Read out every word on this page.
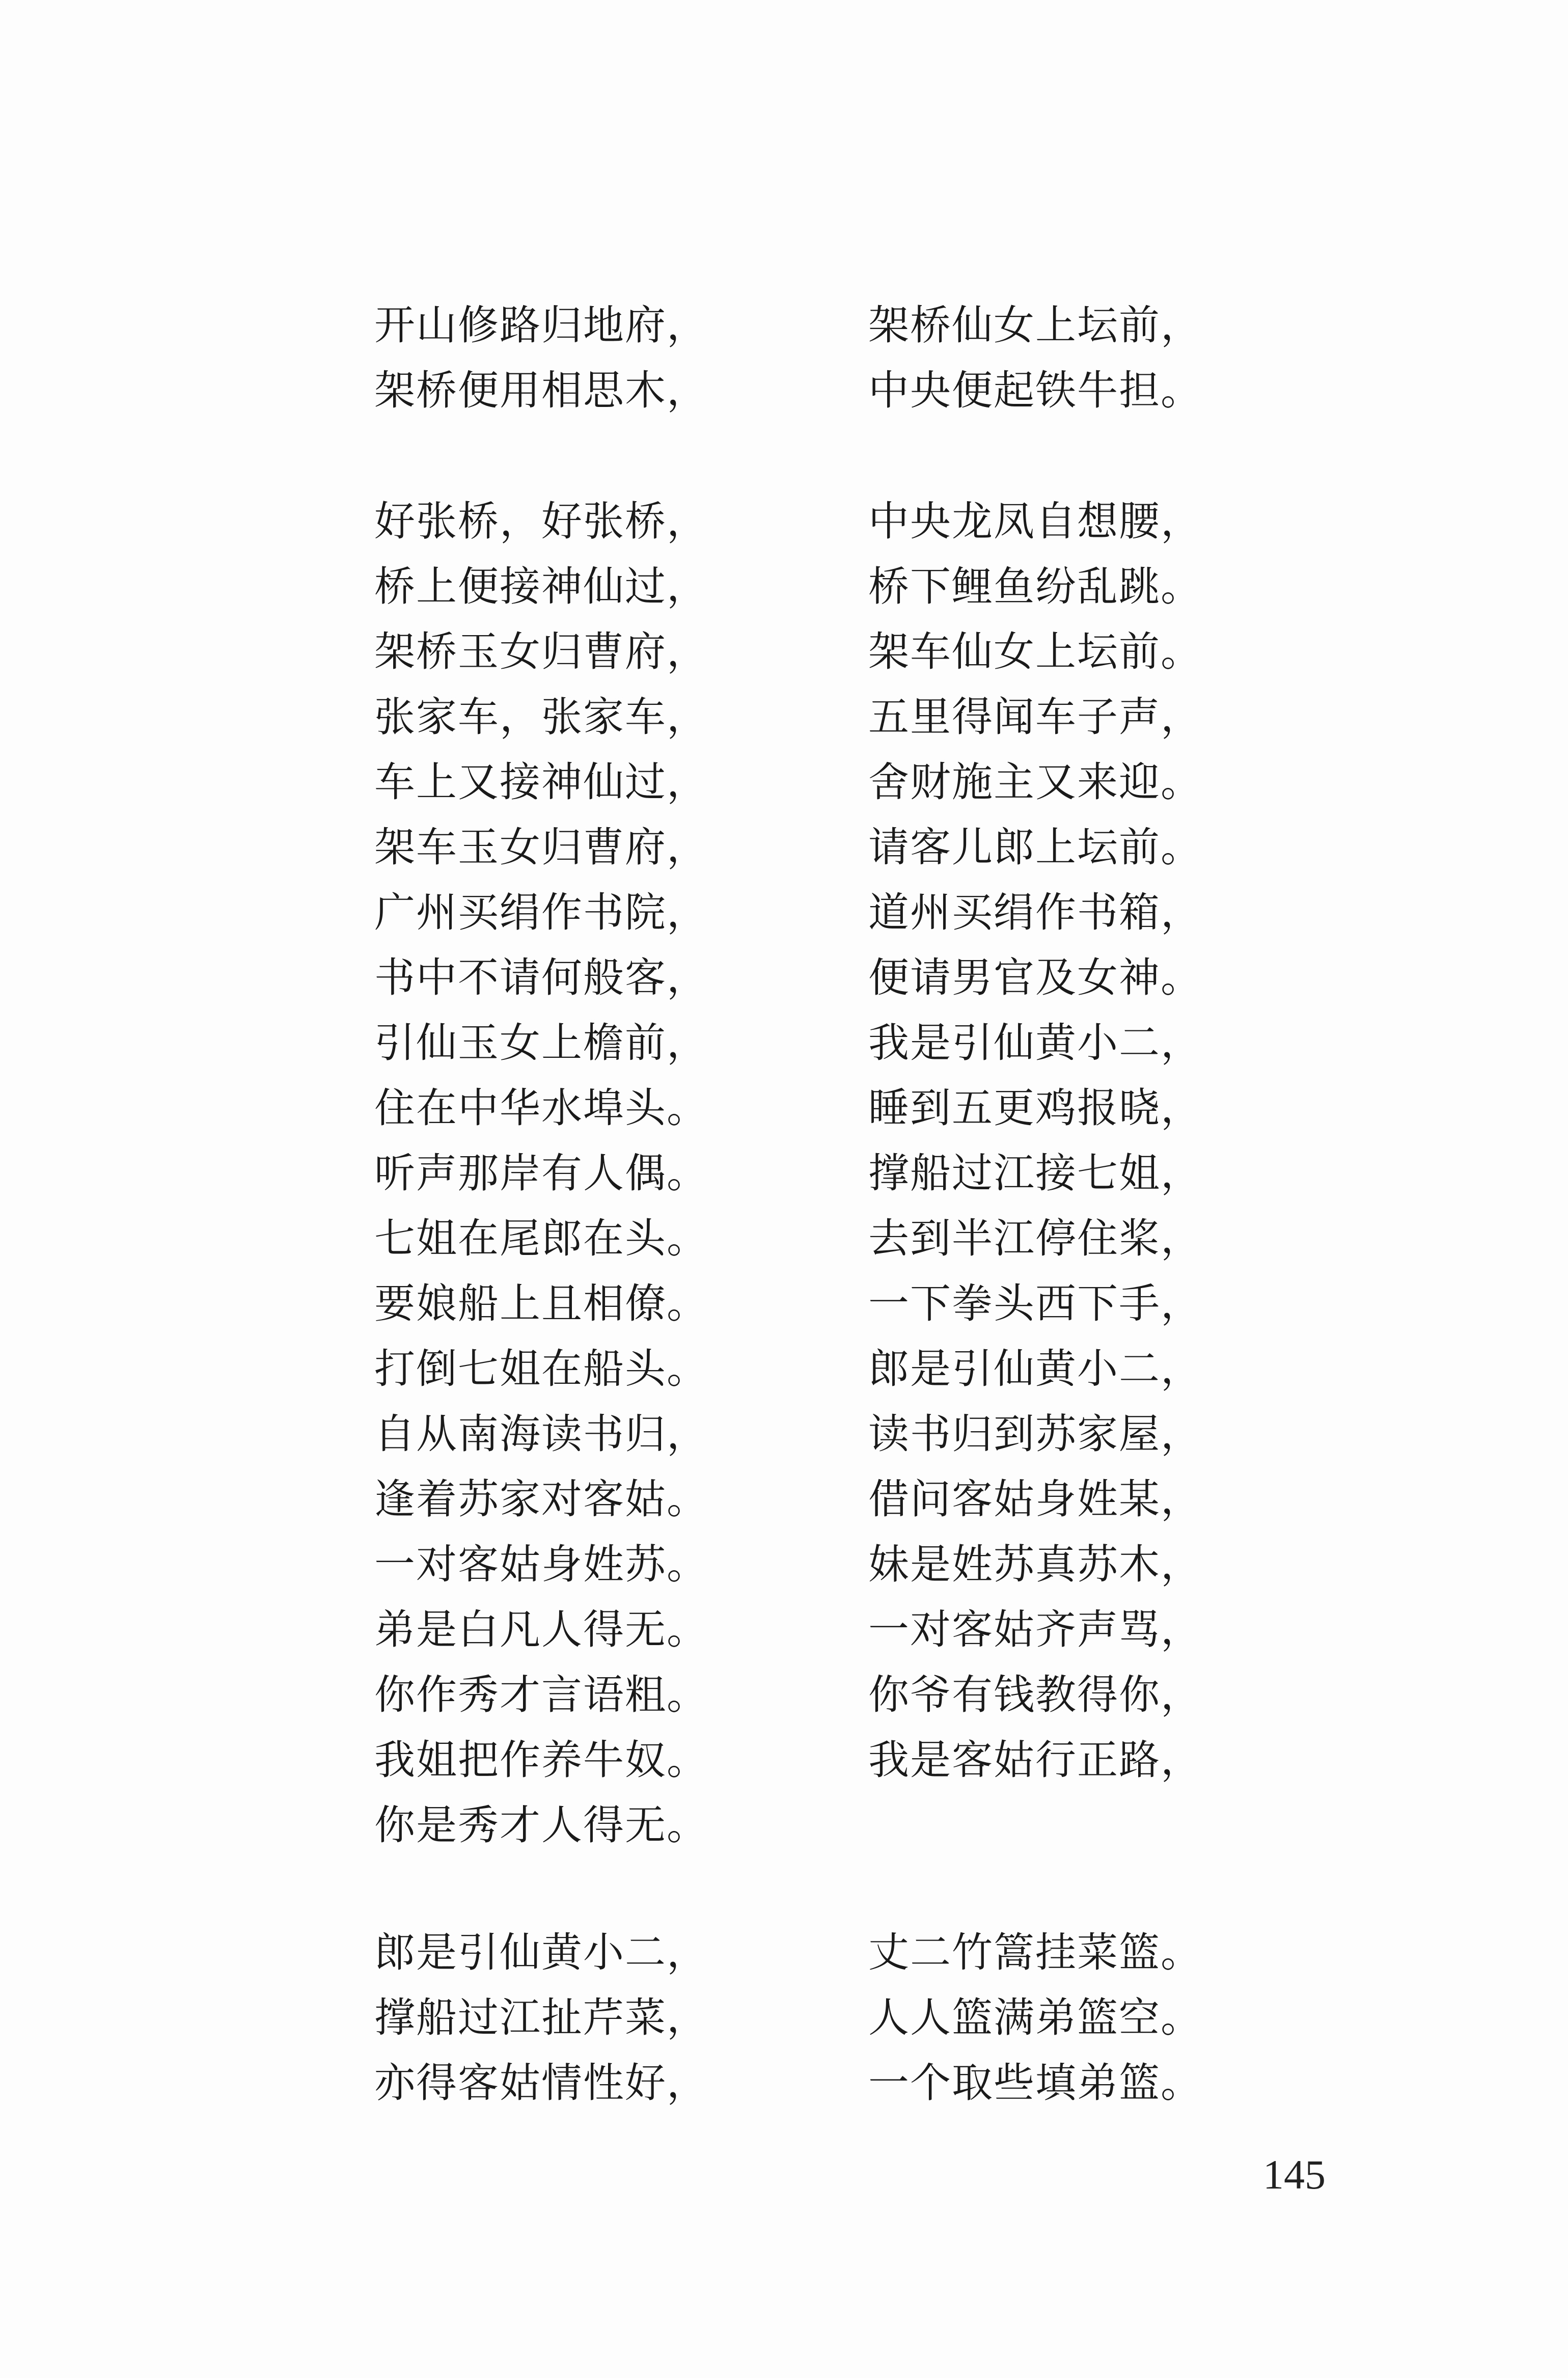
开山修路归地府，	架桥仙女上坛前，
架桥便用相思木，	中央便起铁牛担。
好张桥，好张桥，	中央龙凤自想腰，
桥上便接神仙过，	桥下鲤鱼纷乱跳。
架桥玉女归曹府，	架车仙女上坛前。
张家车，张家车，	五里得闻车子声，
车上又接神仙过，	舍财施主又来迎。
架车玉女归曹府，	请客儿郎上坛前。
广州买绢作书院，	道州买绢作书箱，
书中不请何般客，	便请男官及女神。
引仙玉女上檐前，	我是引仙黄小二，
住在中华水埠头。	睡到五更鸡报晓，
听声那岸有人偶。	撑船过江接七姐，
七姐在尾郎在头。	去到半江停住桨，
要娘船上且相僚。	一下拳头西下手，
打倒七姐在船头。	郎是引仙黄小二，
自从南海读书归，	读书归到苏家屋，
逢着苏家对客姑。	借问客姑身姓某，
一对客姑身姓苏。	妹是姓苏真苏木，
弟是白凡人得无。	一对客姑齐声骂，
你作秀才言语粗。	你爷有钱教得你，
我姐把作养牛奴。	我是客姑行正路，
你是秀才人得无。
郎是引仙黄小二，	丈二竹篙挂菜篮。
撑船过江扯芹菜，	人人篮满弟篮空。
亦得客姑情性好，	一个取些填弟篮。
145
